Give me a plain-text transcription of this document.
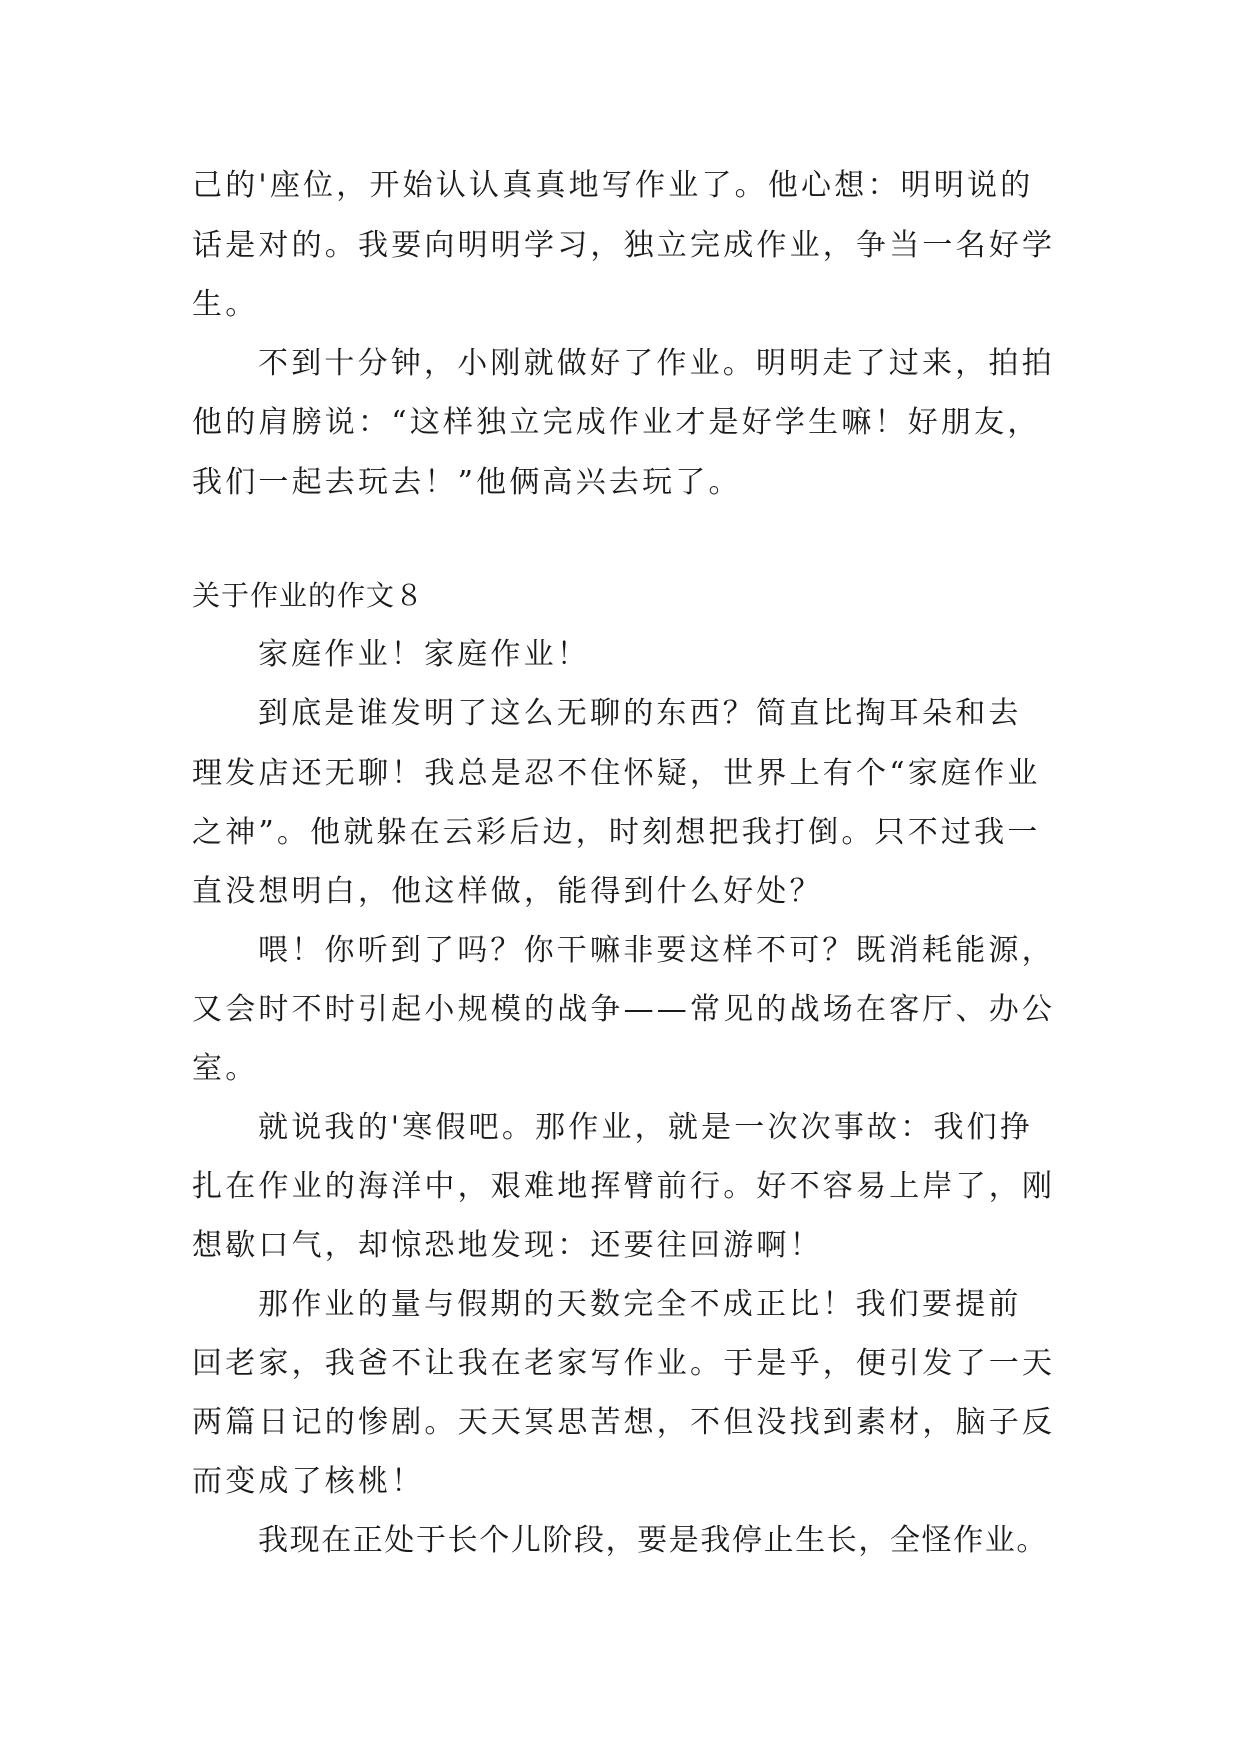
己的'座位，开始认认真真地写作业了。他心想：明明说的
话是对的。我要向明明学习，独立完成作业，争当一名好学
生。
不到十分钟，小刚就做好了作业。明明走了过来，拍拍
他的肩膀说：“这样独立完成作业才是好学生嘛！好朋友，
我们一起去玩去！”他俩高兴去玩了。
关于作业的作文８
家庭作业！家庭作业！
到底是谁发明了这么无聊的东西？简直比掏耳朵和去
理发店还无聊！我总是忍不住怀疑，世界上有个“家庭作业
之神”。他就躲在云彩后边，时刻想把我打倒。只不过我一
直没想明白，他这样做，能得到什么好处？
喂！你听到了吗？你干嘛非要这样不可？既消耗能源，
又会时不时引起小规模的战争——常见的战场在客厅、办公
室。
就说我的'寒假吧。那作业，就是一次次事故：我们挣
扎在作业的海洋中，艰难地挥臂前行。好不容易上岸了，刚
想歇口气，却惊恐地发现：还要往回游啊！
那作业的量与假期的天数完全不成正比！我们要提前
回老家，我爸不让我在老家写作业。于是乎，便引发了一天
两篇日记的惨剧。天天冥思苦想，不但没找到素材，脑子反
而变成了核桃！
我现在正处于长个儿阶段，要是我停止生长，全怪作业。
